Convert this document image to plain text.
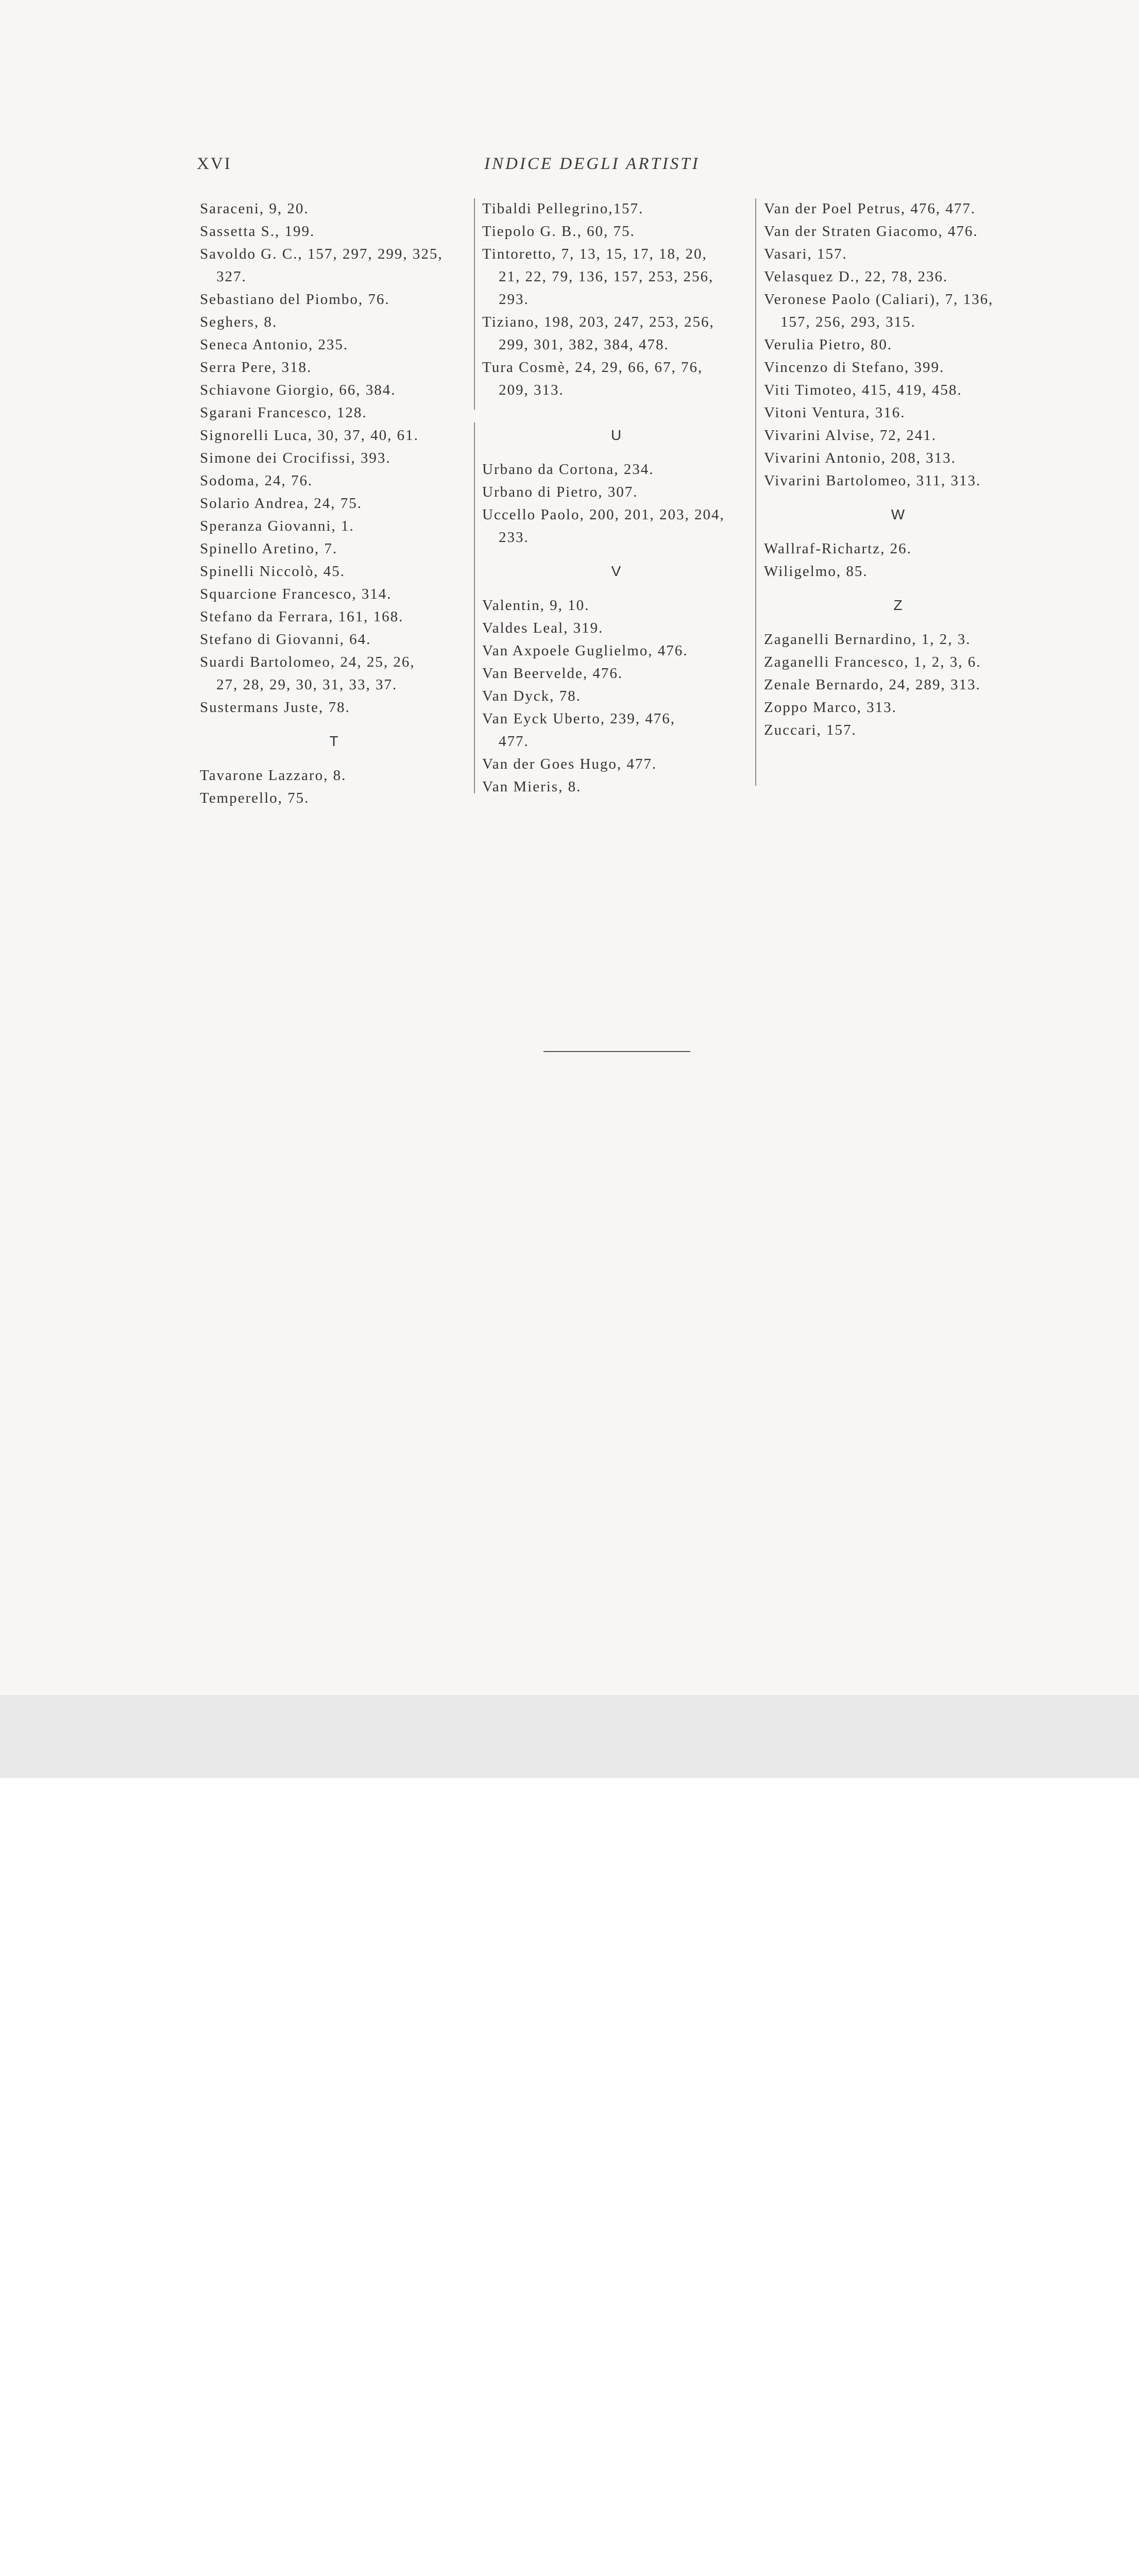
XVI	INDICE DEGLI ARTISTI
Saraceni, 9, 20.
Sassetta S., 199.
Savoldo G. C., 157, 297, 299, 325,
327.
Sebastiano del Piombo, 76.
Seghers, 8.
Seneca Antonio, 235.
Serra Pere, 318.
Schiavone Giorgio, 66, 384.
Sgarani Francesco, 128.
Signorelli Luca, 30, 37, 40, 61.
Simone dei Crocifissi, 393.
Sodoma, 24, 76.
Solario Andrea, 24, 75.
Speranza Giovanni, 1.
Spinello Aretino, 7.
Spinelli Niccolò, 45.
Squarcione Francesco, 314.
Stefano da Ferrara, 161, 168.
Stefano di Giovanni, 64.
Suardi Bartolomeo, 24, 25, 26,
27, 28, 29, 30, 31, 33, 37.
Sustermans Juste, 78.
T
Tavarone Lazzaro, 8.
Temperello, 75.
Tibaldi Pellegrino,157.
Tiepolo G. B., 60, 75.
Tintoretto, 7, 13, 15, 17, 18, 20,
21, 22, 79, 136, 157, 253, 256,
293.
Tiziano, 198, 203, 247, 253, 256,
299, 301, 382, 384, 478.
Tura Cosmè, 24, 29, 66, 67, 76,
209, 313.
U
Urbano da Cortona, 234.
Urbano di Pietro, 307.
Uccello Paolo, 200, 201, 203, 204,
233.
V
Valentin, 9, 10.
Valdes Leal, 319.
Van Axpoele Guglielmo, 476.
Van Beervelde, 476.
Van Dyck, 78.
Van Eyck Uberto, 239, 476,
477.
Van der Goes Hugo, 477.
Van Mieris, 8.
Van der Poel Petrus, 476, 477.
Van der Straten Giacomo, 476.
Vasari, 157.
Velasquez D., 22, 78, 236.
Veronese Paolo (Caliari), 7, 136,
157, 256, 293, 315.
Verulia Pietro, 80.
Vincenzo di Stefano, 399.
Viti Timoteo, 415, 419, 458.
Vitoni Ventura, 316.
Vivarini Alvise, 72, 241.
Vivarini Antonio, 208, 313.
Vivarini Bartolomeo, 311, 313.
W
Wallraf-Richartz, 26.
Wiligelmo, 85.
Z
Zaganelli Bernardino, 1, 2, 3.
Zaganelli Francesco, 1, 2, 3, 6.
Zenale Bernardo, 24, 289, 313.
Zoppo Marco, 313.
Zuccari, 157.
